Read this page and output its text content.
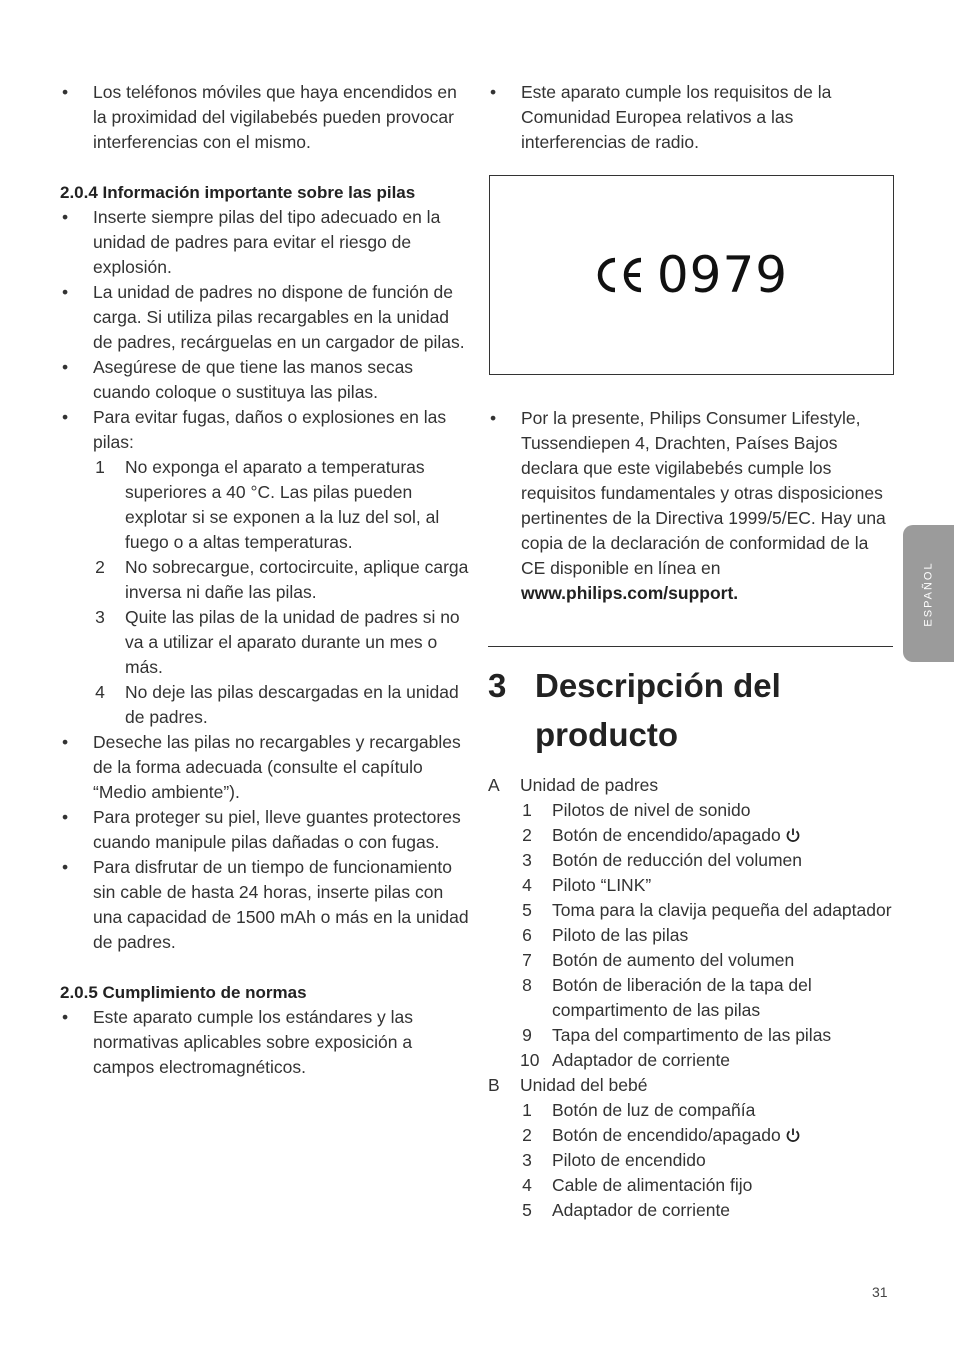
• Los teléfonos móviles que haya encendidos en la proximidad del vigilabebés pueden provocar interferencias con el mismo.
2.0.4 Información importante sobre las pilas
• Inserte siempre pilas del tipo adecuado en la unidad de padres para evitar el riesgo de explosión.
• La unidad de padres no dispone de función de carga. Si utiliza pilas recargables en la unidad de padres, recárguelas en un cargador de pilas.
• Asegúrese de que tiene las manos secas cuando coloque o sustituya las pilas.
• Para evitar fugas, daños o explosiones en las pilas:
1 No exponga el aparato a temperaturas superiores a 40 °C. Las pilas pueden explotar si se exponen a la luz del sol, al fuego o a altas temperaturas.
2 No sobrecargue, cortocircuite, aplique carga inversa ni dañe las pilas.
3 Quite las pilas de la unidad de padres si no va a utilizar el aparato durante un mes o más.
4 No deje las pilas descargadas en la unidad de padres.
• Deseche las pilas no recargables y recargables de la forma adecuada (consulte el capítulo “Medio ambiente”).
• Para proteger su piel, lleve guantes protectores cuando manipule pilas dañadas o con fugas.
• Para disfrutar de un tiempo de funcionamiento sin cable de hasta 24 horas, inserte pilas con una capacidad de 1500 mAh o más en la unidad de padres.
2.0.5 Cumplimiento de normas
• Este aparato cumple los estándares y las normativas aplicables sobre exposición a campos electromagnéticos.
• Este aparato cumple los requisitos de la Comunidad Europea relativos a las interferencias de radio.
0979
• Por la presente, Philips Consumer Lifestyle, Tussendiepen 4, Drachten, Países Bajos declara que este vigilabebés cumple los requisitos fundamentales y otras disposiciones pertinentes de la Directiva 1999/5/EC. Hay una copia de la declaración de conformidad de la CE disponible en línea en www.philips.com/support.
3 Descripción del producto
A Unidad de padres
1 Pilotos de nivel de sonido
2 Botón de encendido/apagado
3 Botón de reducción del volumen
4 Piloto “LINK”
5 Toma para la clavija pequeña del adaptador
6 Piloto de las pilas
7 Botón de aumento del volumen
8 Botón de liberación de la tapa del compartimento de las pilas
9 Tapa del compartimento de las pilas
10 Adaptador de corriente
B Unidad del bebé
1 Botón de luz de compañía
2 Botón de encendido/apagado
3 Piloto de encendido
4 Cable de alimentación fijo
5 Adaptador de corriente
ESPAÑOL
31
